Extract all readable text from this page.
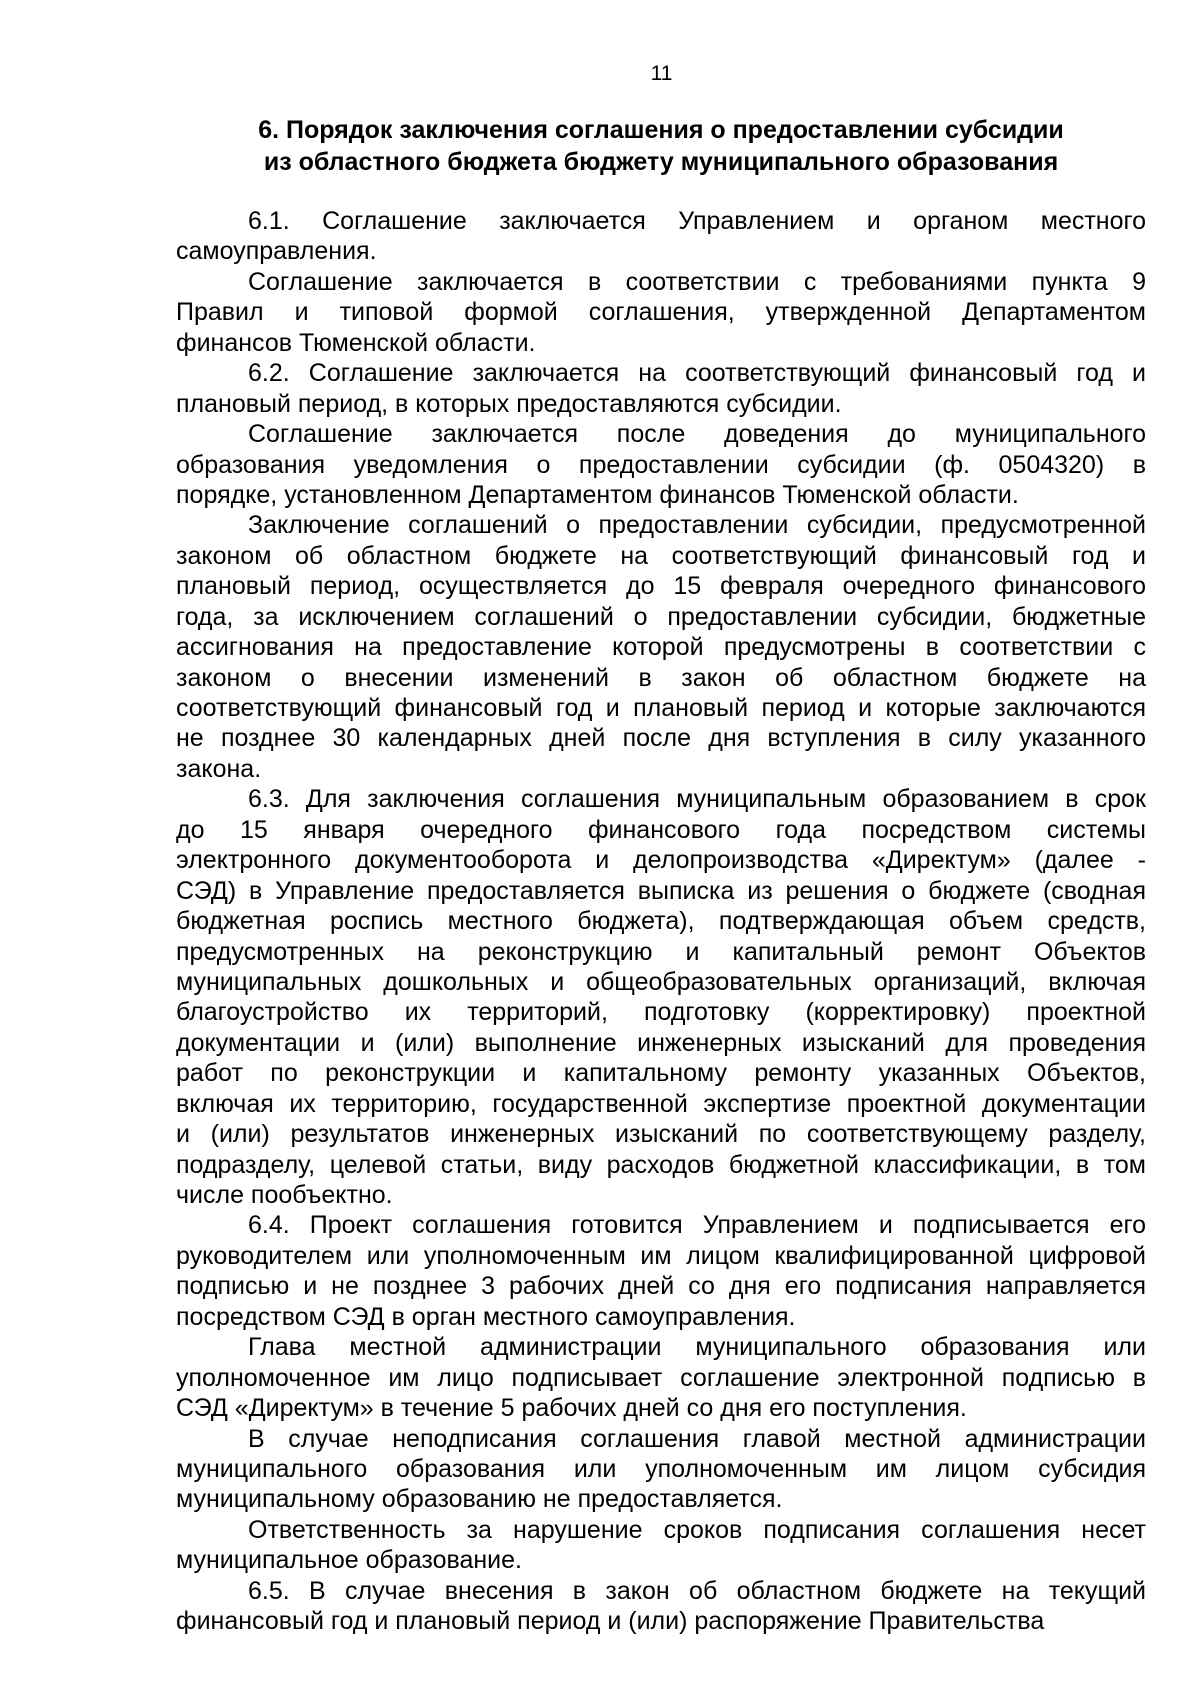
11
6. Порядок заключения соглашения о предоставлении субсидии
из областного бюджета бюджету муниципального образования
6.1. Соглашение заключается Управлением и органом местного
самоуправления.
Соглашение заключается в соответствии с требованиями пункта 9
Правил и типовой формой соглашения, утвержденной Департаментом
финансов Тюменской области.
6.2. Соглашение заключается на соответствующий финансовый год и
плановый период, в которых предоставляются субсидии.
Соглашение заключается после доведения до муниципального
образования уведомления о предоставлении субсидии (ф. 0504320) в
порядке, установленном Департаментом финансов Тюменской области.
Заключение соглашений о предоставлении субсидии, предусмотренной
законом об областном бюджете на соответствующий финансовый год и
плановый период, осуществляется до 15 февраля очередного финансового
года, за исключением соглашений о предоставлении субсидии, бюджетные
ассигнования на предоставление которой предусмотрены в соответствии с
законом о внесении изменений в закон об областном бюджете на
соответствующий финансовый год и плановый период и которые заключаются
не позднее 30 календарных дней после дня вступления в силу указанного
закона.
6.3. Для заключения соглашения муниципальным образованием в срок
до 15 января очередного финансового года посредством системы
электронного документооборота и делопроизводства «Директум» (далее -
СЭД) в Управление предоставляется выписка из решения о бюджете (сводная
бюджетная роспись местного бюджета), подтверждающая объем средств,
предусмотренных на реконструкцию и капитальный ремонт Объектов
муниципальных дошкольных и общеобразовательных организаций, включая
благоустройство их территорий, подготовку (корректировку) проектной
документации и (или) выполнение инженерных изысканий для проведения
работ по реконструкции и капитальному ремонту указанных Объектов,
включая их территорию, государственной экспертизе проектной документации
и (или) результатов инженерных изысканий по соответствующему разделу,
подразделу, целевой статьи, виду расходов бюджетной классификации, в том
числе пообъектно.
6.4. Проект соглашения готовится Управлением и подписывается его
руководителем или уполномоченным им лицом квалифицированной цифровой
подписью и не позднее 3 рабочих дней со дня его подписания направляется
посредством СЭД в орган местного самоуправления.
Глава местной администрации муниципального образования или
уполномоченное им лицо подписывает соглашение электронной подписью в
СЭД «Директум» в течение 5 рабочих дней со дня его поступления.
В случае неподписания соглашения главой местной администрации
муниципального образования или уполномоченным им лицом субсидия
муниципальному образованию не предоставляется.
Ответственность за нарушение сроков подписания соглашения несет
муниципальное образование.
6.5. В случае внесения в закон об областном бюджете на текущий
финансовый год и плановый период и (или) распоряжение Правительства
